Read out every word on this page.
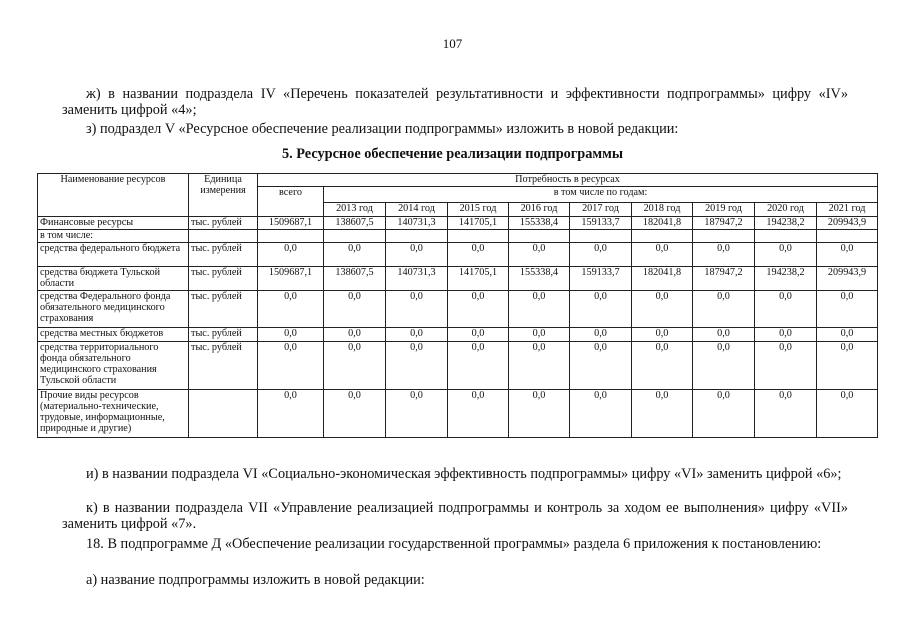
107

ж) в названии подраздела IV «Перечень показателей результативности и эффективности подпрограммы» цифру «IV» заменить цифрой «4»;

з) подраздел V «Ресурсное обеспечение реализации подпрограммы» изложить в новой редакции:

5. Ресурсное обеспечение реализации подпрограммы
Наименование ресурсов	Единица измерения	Потребность в ресурсах									
		всего	в том числе по годам:								
			2013 год	2014 год	2015 год	2016 год	2017 год	2018 год	2019 год	2020 год	2021 год
Финансовые ресурсы	тыс. рублей	1509687,1	138607,5	140731,3	141705,1	155338,4	159133,7	182041,8	187947,2	194238,2	209943,9
в том числе:											
средства федерального бюджета	тыс. рублей	0,0	0,0	0,0	0,0	0,0	0,0	0,0	0,0	0,0	0,0
средства бюджета Тульской области	тыс. рублей	1509687,1	138607,5	140731,3	141705,1	155338,4	159133,7	182041,8	187947,2	194238,2	209943,9
средства Федерального фонда обязательного медицинского страхования	тыс. рублей	0,0	0,0	0,0	0,0	0,0	0,0	0,0	0,0	0,0	0,0
средства местных бюджетов	тыс. рублей	0,0	0,0	0,0	0,0	0,0	0,0	0,0	0,0	0,0	0,0
средства территориального фонда обязательного медицинского страхования Тульской области	тыс. рублей	0,0	0,0	0,0	0,0	0,0	0,0	0,0	0,0	0,0	0,0
Прочие виды ресурсов (материально-технические, трудовые, информационные, природные и другие)		0,0	0,0	0,0	0,0	0,0	0,0	0,0	0,0	0,0	0,0

и) в названии подраздела VI «Социально-экономическая эффективность подпрограммы» цифру «VI» заменить цифрой «6»;

к) в названии подраздела VII «Управление реализацией подпрограммы и контроль за ходом ее выполнения» цифру «VII» заменить цифрой «7».

18. В подпрограмме Д «Обеспечение реализации государственной программы» раздела 6 приложения к постановлению:

а) название подпрограммы изложить в новой редакции:
